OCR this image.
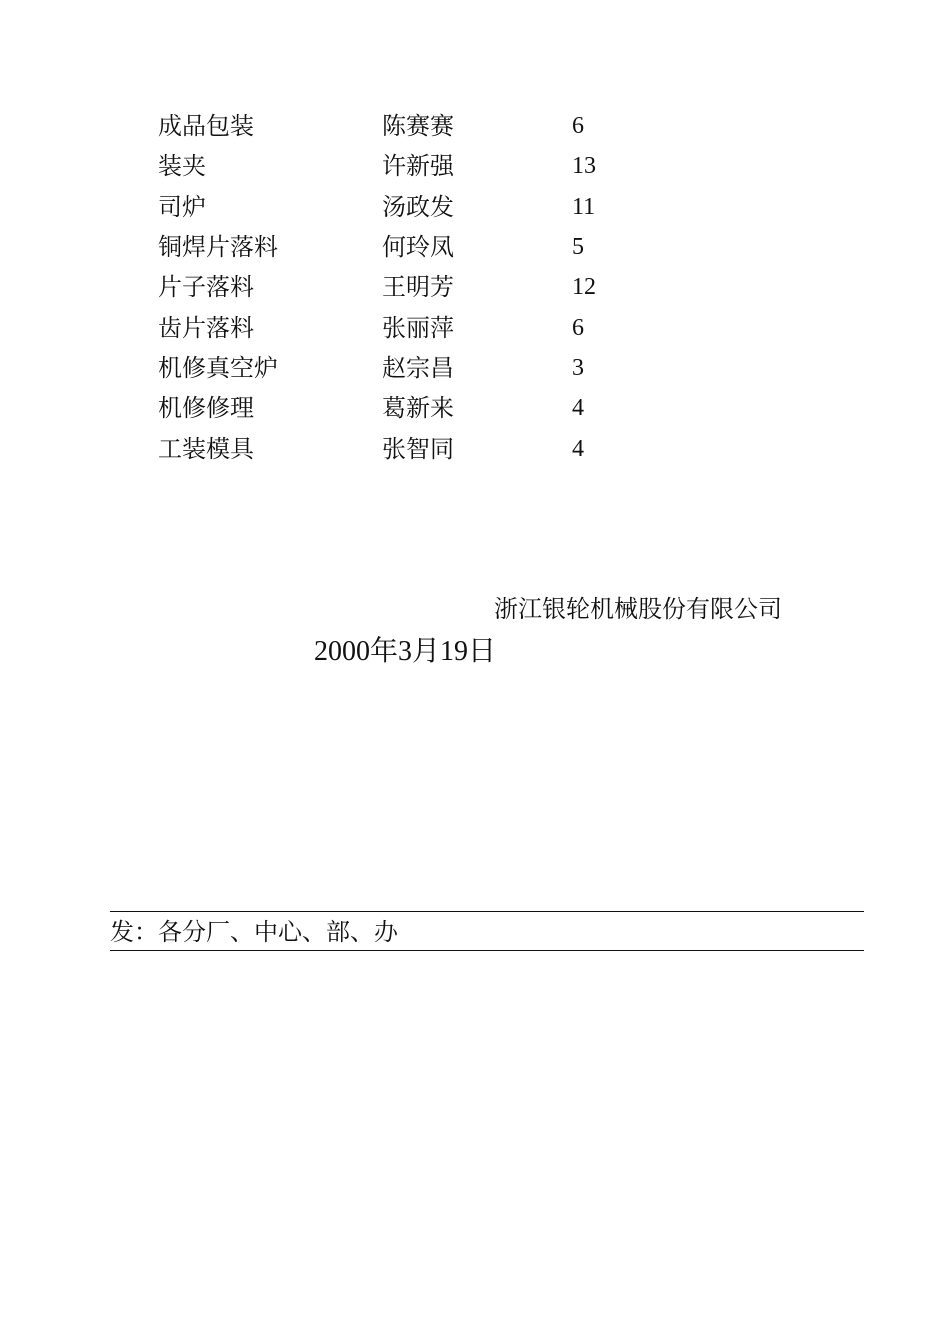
成品包装	陈赛赛	6
装夹	许新强	13
司炉	汤政发	11
铜焊片落料	何玲凤	5
片子落料	王明芳	12
齿片落料	张丽萍	6
机修真空炉	赵宗昌	3
机修修理	葛新来	4
工装模具	张智同	4
浙江银轮机械股份有限公司
2000年3月19日
发：各分厂、中心、部、办
